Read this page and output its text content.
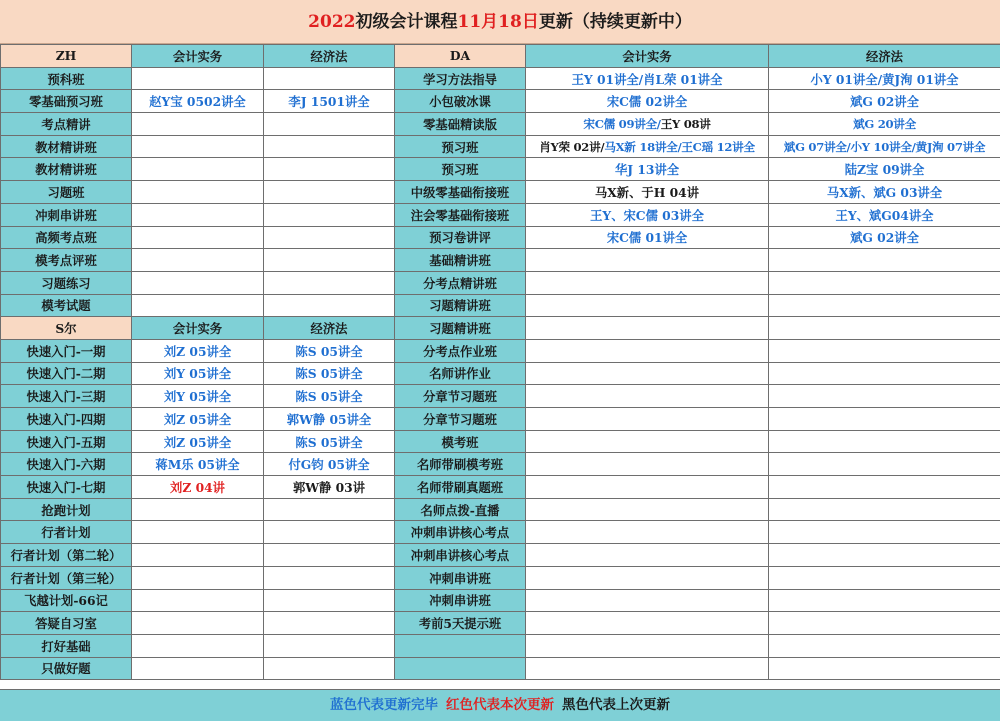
2022初级会计课程11月18日更新（持续更新中）
ZH	会计实务	经济法	DA	会计实务	经济法
预科班			学习方法指导	王Y 01讲全/肖L荣 01讲全	小Y 01讲全/黄J洵 01讲全
零基础预习班	赵Y宝 0502讲全	李J 1501讲全	小包破冰课	宋C儒 02讲全	斌G 02讲全
考点精讲			零基础精读版	宋C儒 09讲全/王Y 08讲	斌G 20讲全
教材精讲班			预习班	肖Y荣 02讲/马X新 18讲全/王C瑶 12讲全	斌G 07讲全/小Y 10讲全/黄J洵 07讲全
教材精讲班			预习班	华J 13讲全	陆Z宝 09讲全
习题班			中级零基础衔接班	马X新、于H 04讲	马X新、斌G 03讲全
冲刺串讲班			注会零基础衔接班	王Y、宋C儒 03讲全	王Y、斌G04讲全
高频考点班			预习卷讲评	宋C儒 01讲全	斌G 02讲全
模考点评班			基础精讲班		
习题练习			分考点精讲班		
模考试题			习题精讲班		
S尔	会计实务	经济法	习题精讲班		
快速入门-一期	刘Z 05讲全	陈S 05讲全	分考点作业班		
快速入门-二期	刘Y 05讲全	陈S 05讲全	名师讲作业		
快速入门-三期	刘Y 05讲全	陈S 05讲全	分章节习题班		
快速入门-四期	刘Z 05讲全	郭W静 05讲全	分章节习题班		
快速入门-五期	刘Z 05讲全	陈S 05讲全	模考班		
快速入门-六期	蒋M乐 05讲全	付G钧 05讲全	名师带刷模考班		
快速入门-七期	刘Z 04讲	郭W静 03讲	名师带刷真题班		
抢跑计划			名师点拨-直播		
行者计划			冲刺串讲核心考点		
行者计划（第二轮）			冲刺串讲核心考点		
行者计划（第三轮）			冲刺串讲班		
飞越计划-66记			冲刺串讲班		
答疑自习室			考前5天提示班		
打好基础					
只做好题					
蓝色代表更新完毕 红色代表本次更新 黑色代表上次更新
